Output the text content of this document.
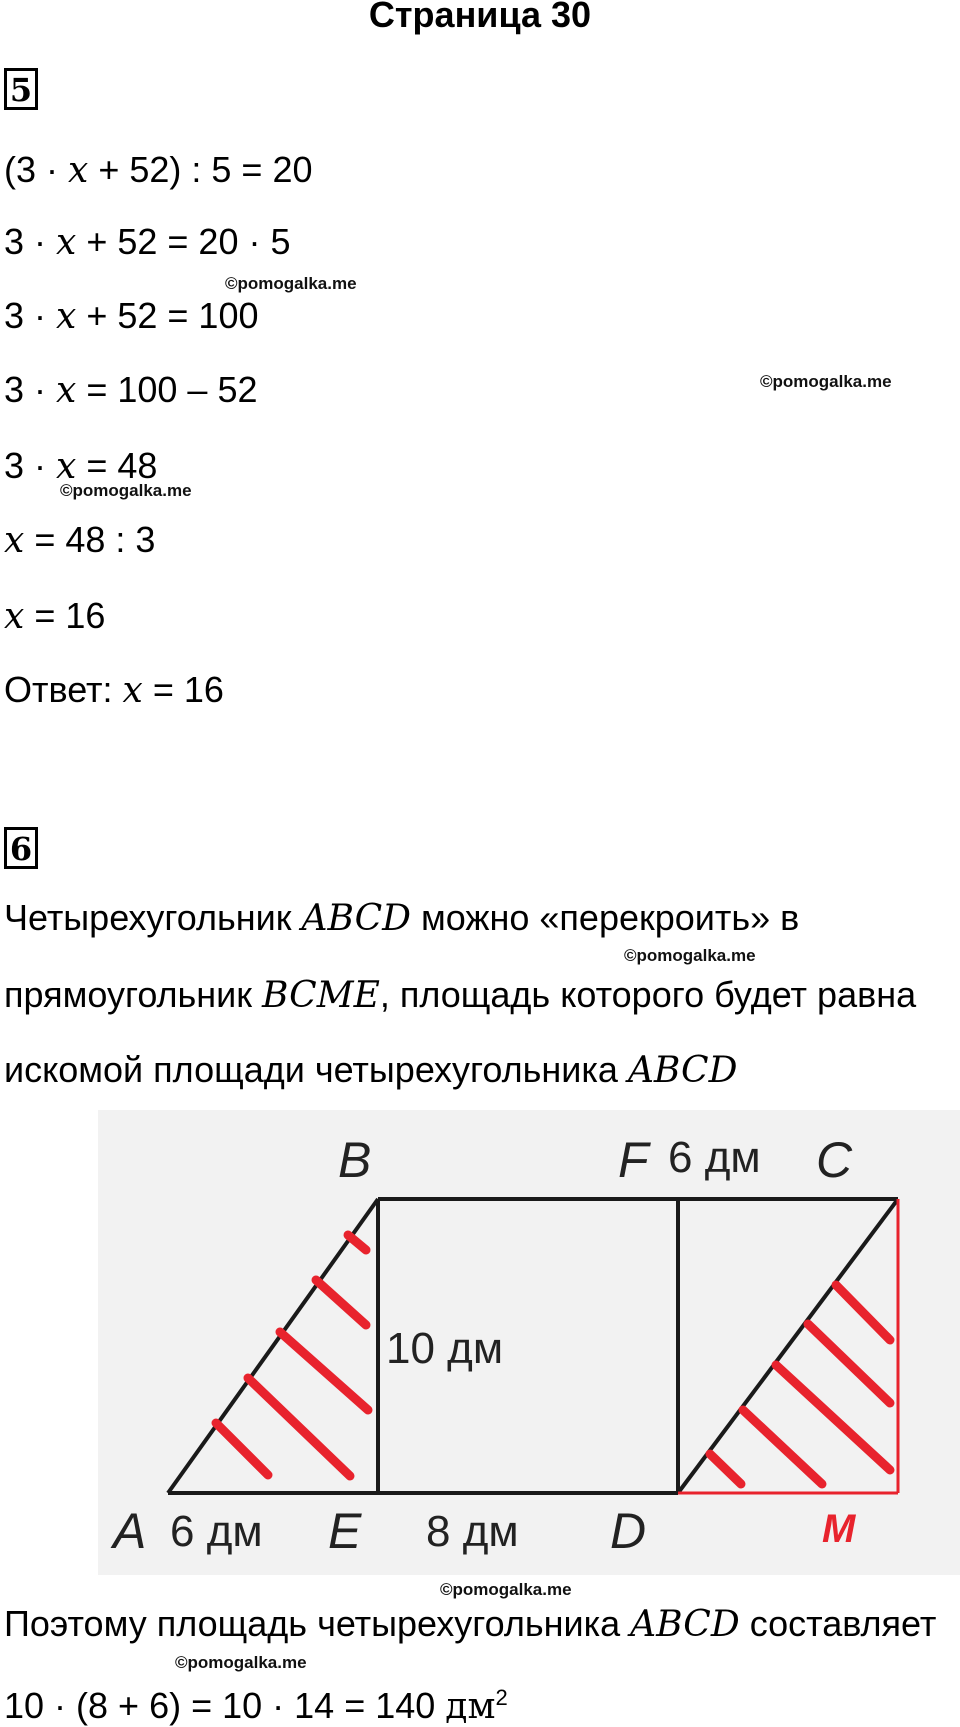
Страница 30
5
(3 · x + 52) : 5 = 20
3 · x + 52 = 20 · 5
©pomogalka.me
3 · x + 52 = 100
3 · x = 100 – 52	©pomogalka.me
3 · x = 48
©pomogalka.me
x = 48 : 3
x = 16
Ответ: x = 16
6
Четырехугольник ABCD можно «перекроить» в
©pomogalka.me
прямоугольник BCME, площадь которого будет равна
искомой площади четырехугольника ABCD
B	F	C
A	E	D	M
6 дм
10 дм
6 дм	8 дм
©pomogalka.me
Поэтому площадь четырехугольника ABCD составляет
©pomogalka.me
10 · (8 + 6) = 10 · 14 = 140 $дм^2$
